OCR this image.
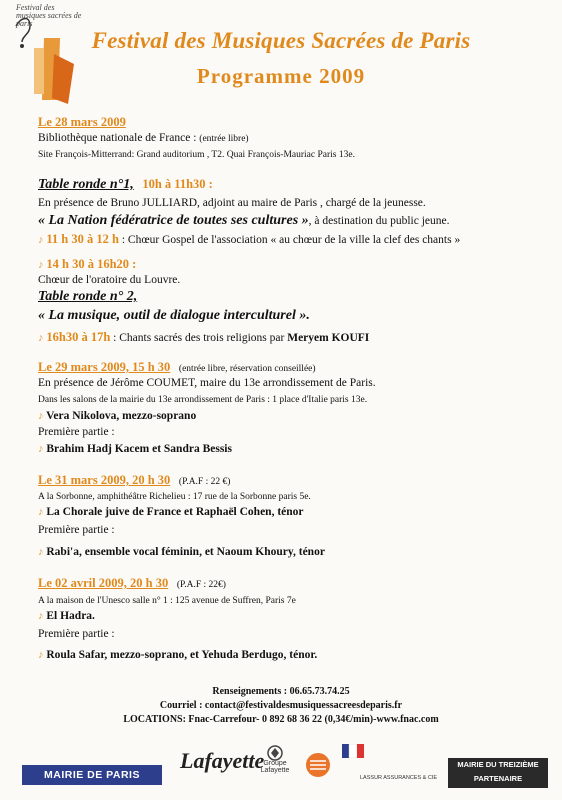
Festival des musiques sacrées de paris
Festival des Musiques Sacrées de Paris
Programme 2009
Le 28 mars 2009
Bibliothèque nationale de France : (entrée libre)
Site François-Mitterrand: Grand auditorium , T2. Quai François-Mauriac Paris 13e.
Table ronde n°1, 10h à 11h30 :
En présence de Bruno JULLIARD, adjoint au maire de Paris , chargé de la jeunesse.
« La Nation fédératrice de toutes ses cultures », à destination du public jeune.
♪ 11 h 30 à 12 h : Chœur Gospel de l'association « au chœur de la ville la clef des chants »
♪ 14 h 30 à 16h20 :
Chœur de l'oratoire du Louvre.
Table ronde n° 2,
« La musique, outil de dialogue interculturel ».
♪ 16h30 à 17h : Chants sacrés des trois religions par Meryem KOUFI
Le 29 mars 2009, 15 h 30 (entrée libre, réservation conseillée)
En présence de Jérôme COUMET, maire du 13e arrondissement de Paris.
Dans les salons de la mairie du 13e arrondissement de Paris : 1 place d'Italie paris 13e.
♪ Vera Nikolova, mezzo-soprano
Première partie :
♪ Brahim Hadj Kacem et Sandra Bessis
Le 31 mars 2009, 20 h 30 (P.A.F : 22 €)
A la Sorbonne, amphithéâtre Richelieu : 17 rue de la Sorbonne paris 5e.
♪ La Chorale juive de France et Raphaël Cohen, ténor
Première partie :
♪ Rabi'a, ensemble vocal féminin, et Naoum Khoury, ténor
Le 02 avril 2009, 20 h 30 (P.A.F : 22€)
A la maison de l'Unesco salle n° 1 : 125 avenue de Suffren, Paris 7e
♪ El Hadra.
Première partie :
♪ Roula Safar, mezzo-soprano, et Yehuda Berdugo, ténor.
Renseignements : 06.65.73.74.25
Courriel : contact@festivaldesmusiquessacreesdeparis.fr
LOCATIONS: Fnac-Carrefour- 0 892 68 36 22 (0,34€/min)-www.fnac.com
MAIRIE DE PARIS
Lafayette Groupe Lafayette
LASSUR ASSURANCES & CIE
MAIRIE DU TREIZIÈME
PARTENAIRE
